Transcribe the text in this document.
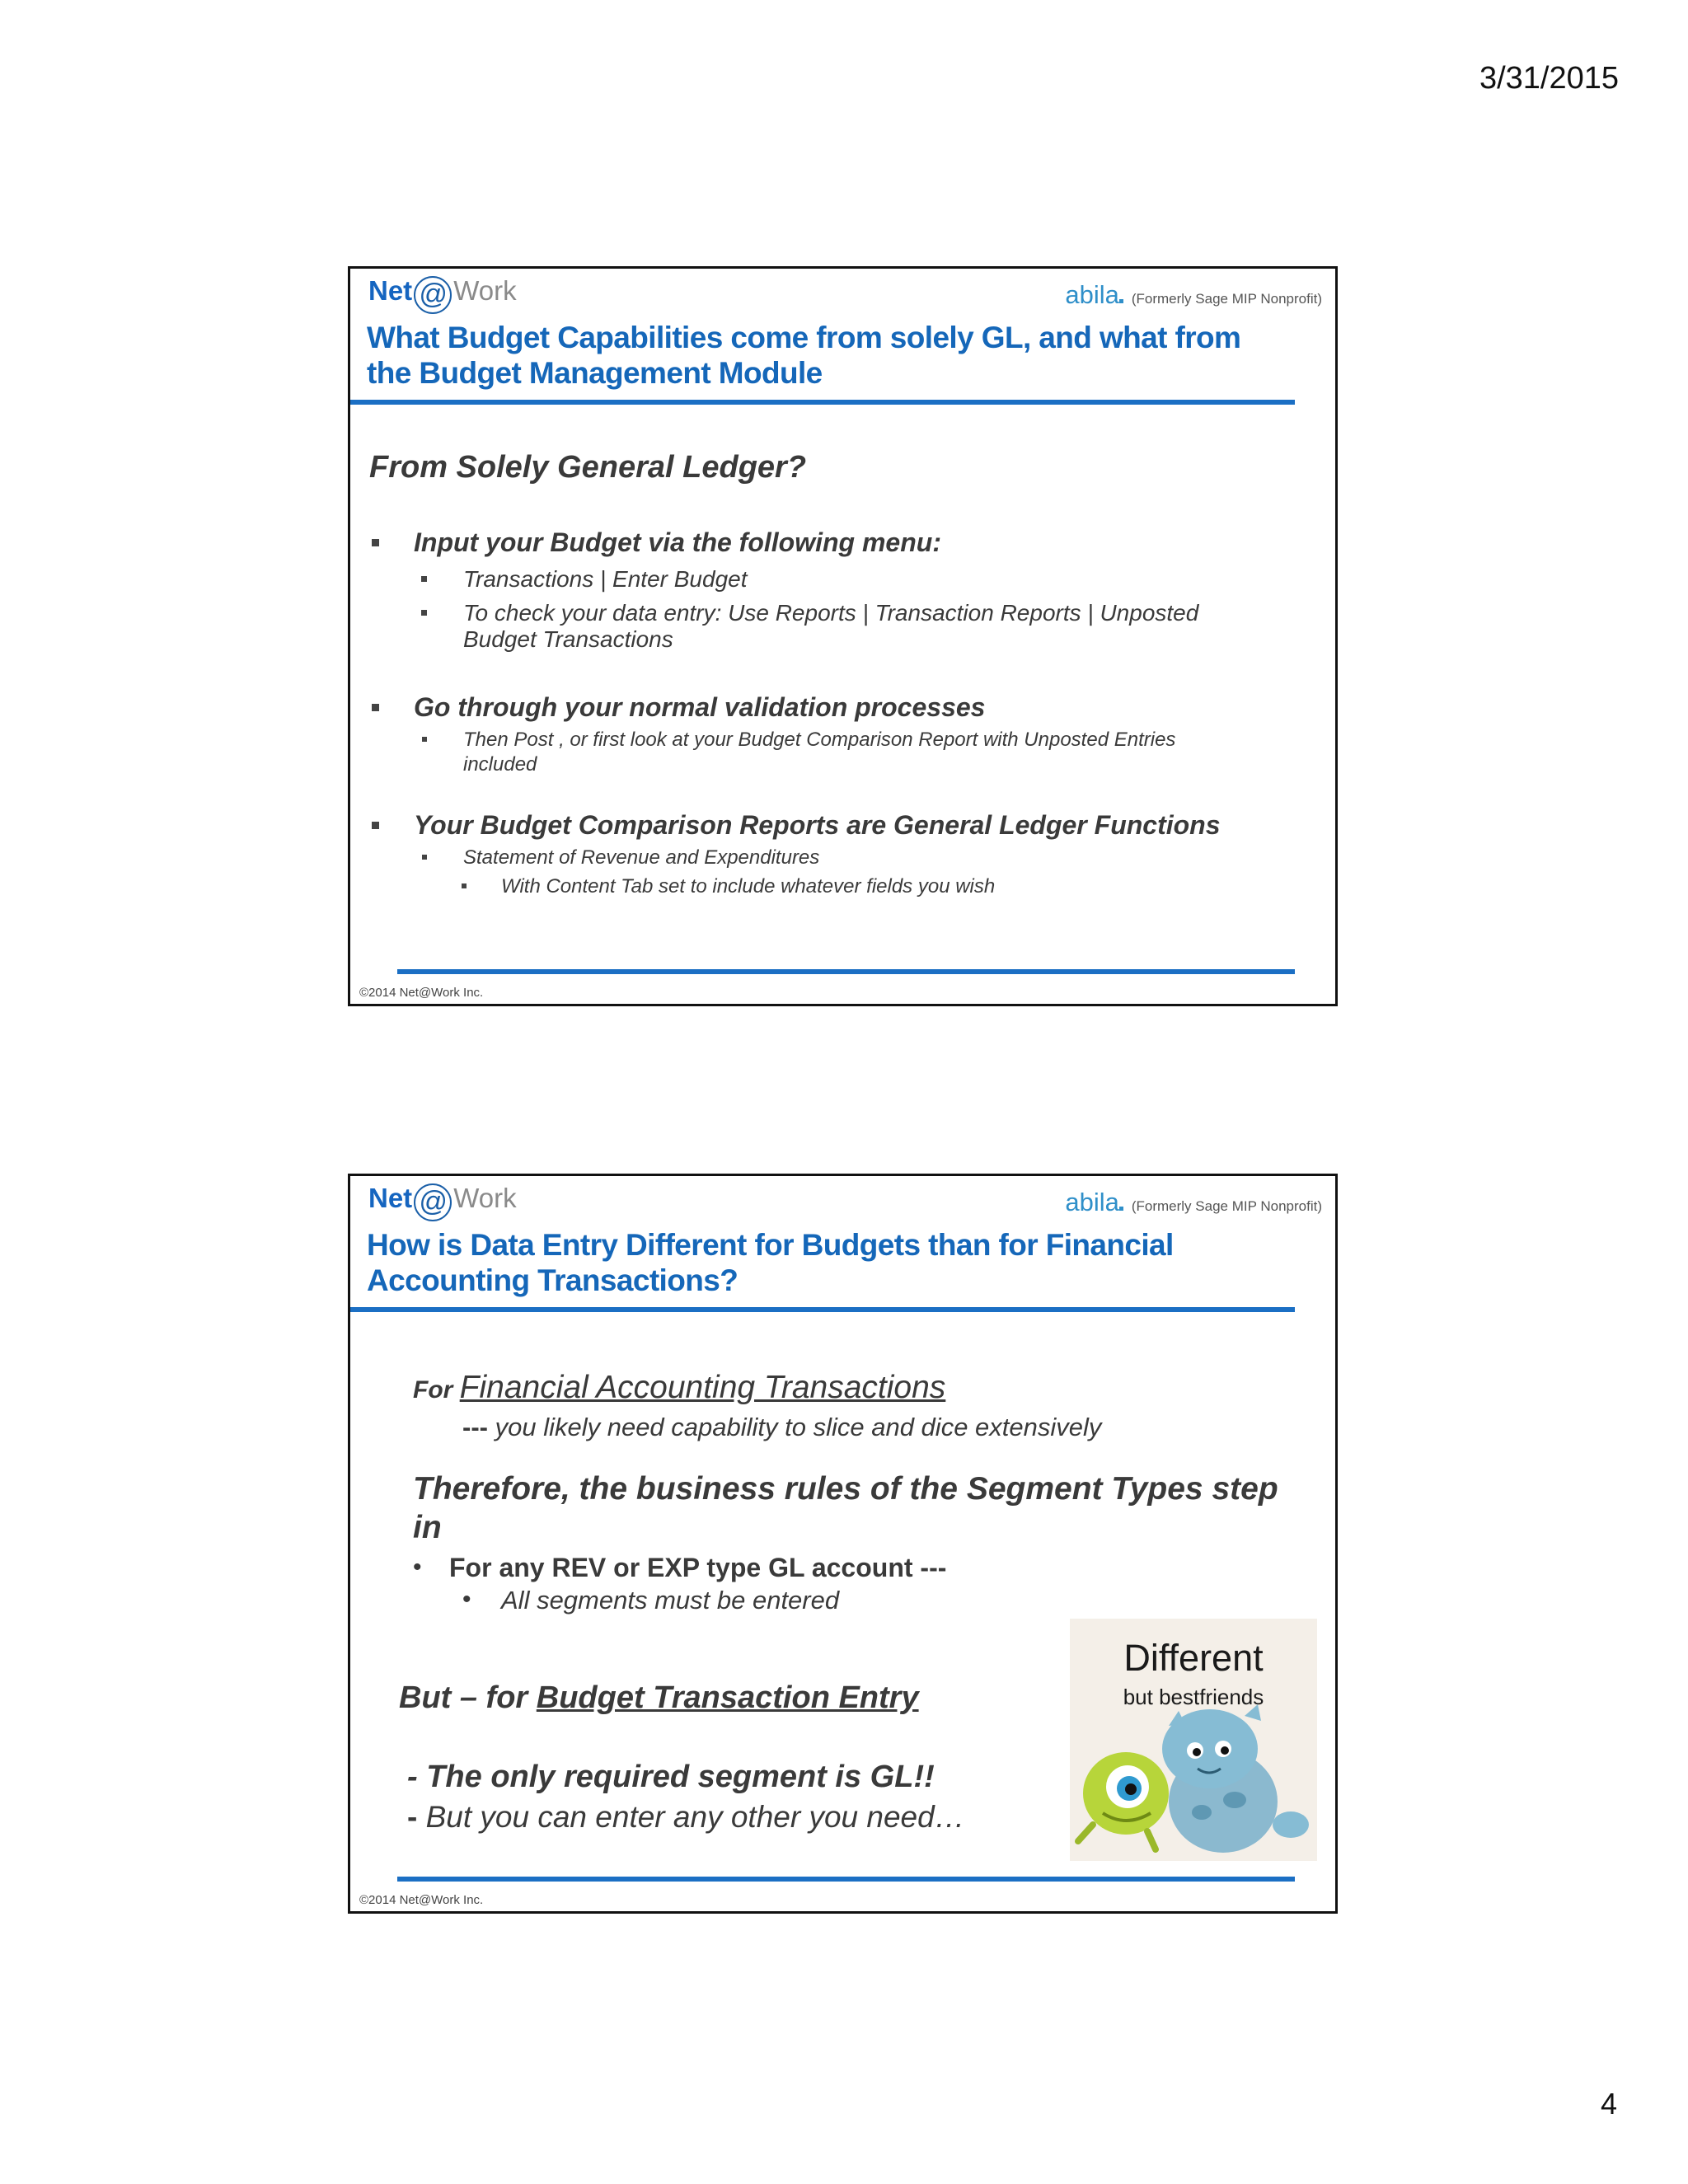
3/31/2015
Net @ Work	abila (Formerly Sage MIP Nonprofit)
What Budget Capabilities come from solely GL, and what from
the Budget Management Module
From Solely General Ledger?
Input your Budget via the following menu:
Transactions | Enter Budget
To check your data entry: Use Reports | Transaction Reports | Unposted
Budget Transactions
Go through your normal validation processes
Then Post , or first look at your Budget Comparison Report with Unposted Entries
included
Your Budget Comparison Reports are General Ledger Functions
Statement of Revenue and Expenditures
With Content Tab set to include whatever fields you wish
©2014 Net@Work Inc.
Net @ Work	abila (Formerly Sage MIP Nonprofit)
How is Data Entry Different for Budgets than for Financial
Accounting Transactions?
For Financial Accounting Transactions
--- you likely need capability to slice and dice extensively
Therefore, the business rules of the Segment Types step
in
• For any REV or EXP type GL account ---
• All segments must be entered
But – for Budget Transaction Entry
- The only required segment is GL!!
- But you can enter any other you need…
Different
but bestfriends
©2014 Net@Work Inc.
4
